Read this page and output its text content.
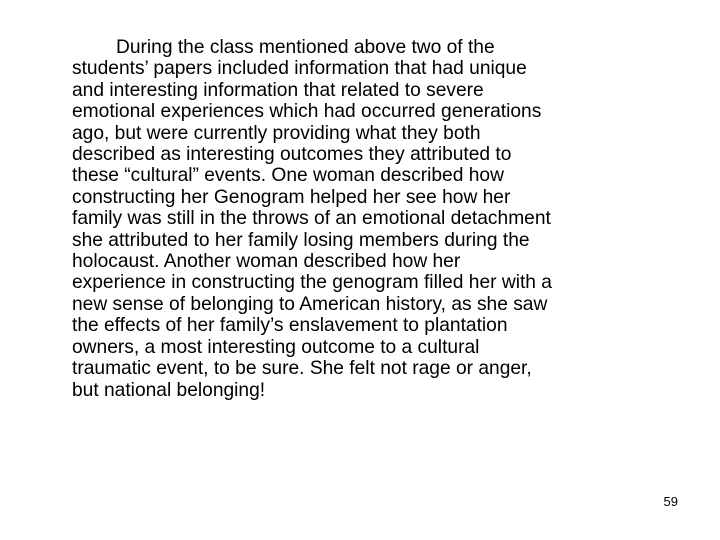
During the class mentioned above two of the
students’ papers included information that had unique
and interesting information that related to severe
emotional experiences which had occurred generations
ago, but were currently providing what they both
described as interesting outcomes they attributed to
these “cultural” events. One woman described how
constructing her Genogram helped her see how her
family was still in the throws of an emotional detachment
she attributed to her family losing members during the
holocaust. Another woman described how her
experience in constructing the genogram filled her with a
new sense of belonging to American history, as she saw
the effects of her family’s enslavement to plantation
owners, a most interesting outcome to a cultural
traumatic event, to be sure. She felt not rage or anger,
but national belonging!

59
